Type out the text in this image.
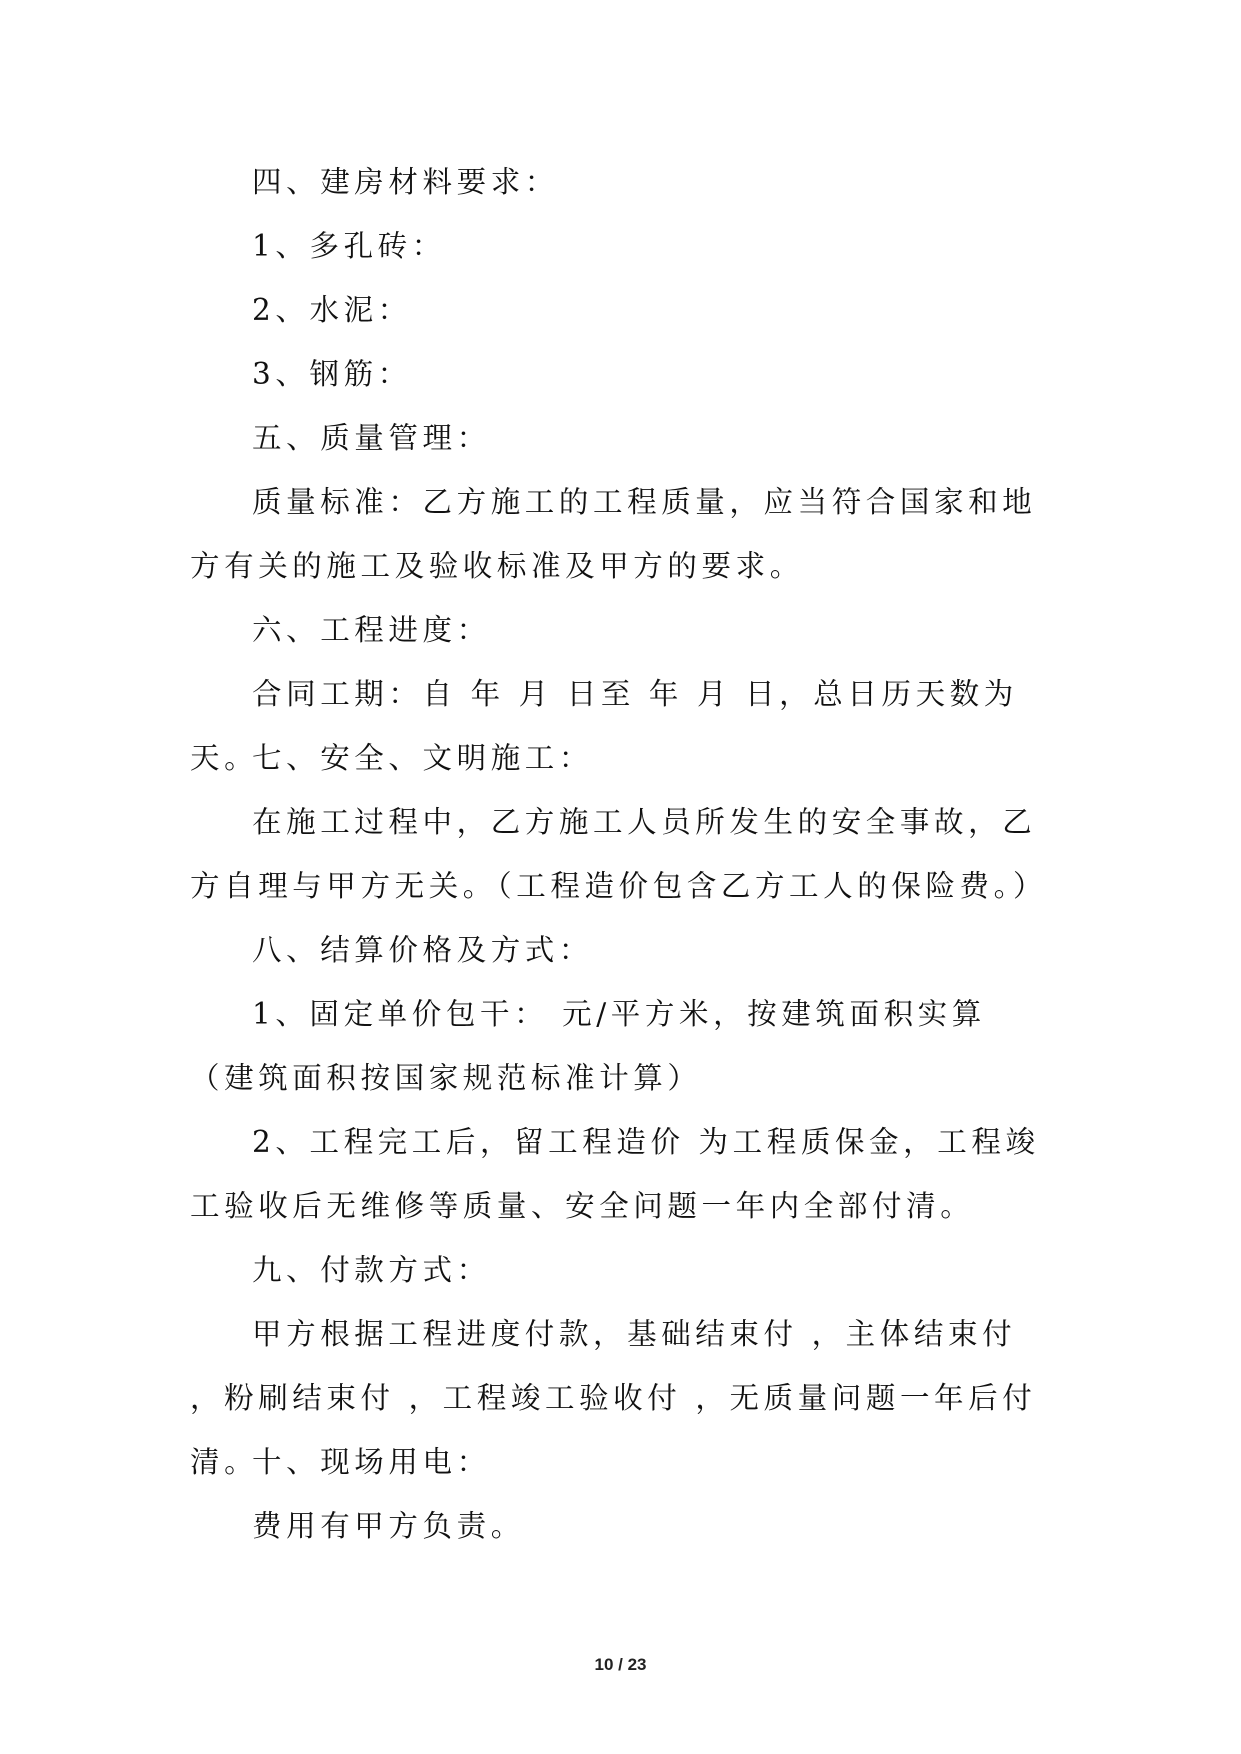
四、建房材料要求：

1、多孔砖：

2、水泥：

3、钢筋：

五、质量管理：

质量标准：乙方施工的工程质量，应当符合国家和地方有关的施工及验收标准及甲方的要求。

六、工程进度：

合同工期：自 年 月 日至 年 月 日，总日历天数为 天。

七、安全、文明施工：

在施工过程中，乙方施工人员所发生的安全事故，乙方自理与甲方无关。（工程造价包含乙方工人的保险费。）

八、结算价格及方式：

1、固定单价包干： 元/平方米，按建筑面积实算（建筑面积按国家规范标准计算）

2、工程完工后，留工程造价 为工程质保金，工程竣工验收后无维修等质量、安全问题一年内全部付清。

九、付款方式：

甲方根据工程进度付款，基础结束付 ，主体结束付 ，粉刷结束付 ，工程竣工验收付 ，无质量问题一年后付清。

十、现场用电：

费用有甲方负责。

10 / 23
